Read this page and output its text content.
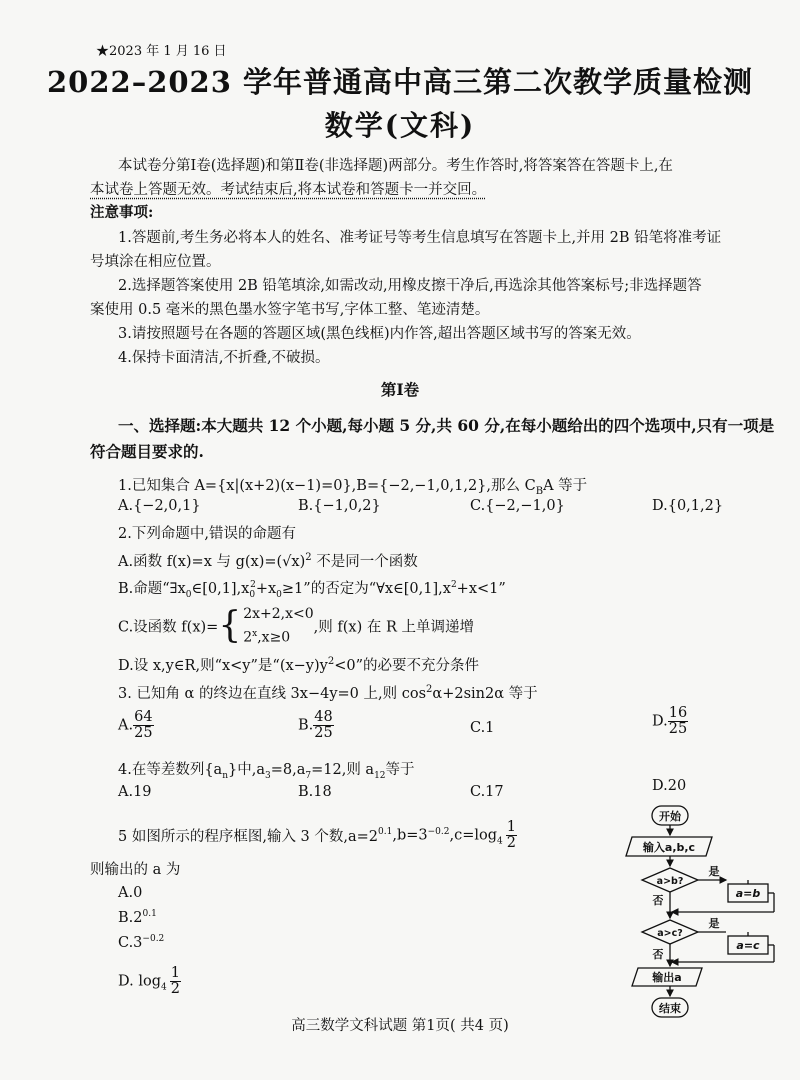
★2023 年 1 月 16 日
2022–2023 学年普通高中高三第二次教学质量检测
数学(文科)
本试卷分第Ⅰ卷(选择题)和第Ⅱ卷(非选择题)两部分。考生作答时,将答案答在答题卡上,在
本试卷上答题无效。考试结束后,将本试卷和答题卡一并交回。
注意事项:
1.答题前,考生务必将本人的姓名、准考证号等考生信息填写在答题卡上,并用 2B 铅笔将准考证
号填涂在相应位置。
2.选择题答案使用 2B 铅笔填涂,如需改动,用橡皮擦干净后,再选涂其他答案标号;非选择题答
案使用 0.5 毫米的黑色墨水签字笔书写,字体工整、笔迹清楚。
3.请按照题号在各题的答题区域(黑色线框)内作答,超出答题区域书写的答案无效。
4.保持卡面清洁,不折叠,不破损。
第Ⅰ卷
一、选择题:本大题共 12 个小题,每小题 5 分,共 60 分,在每小题给出的四个选项中,只有一项是
符合题目要求的.
1.已知集合 A={x|(x+2)(x−1)=0},B={−2,−1,0,1,2},那么 $C_BA$ 等于
A.{−2,0,1}	B.{−1,0,2}	C.{−2,−1,0}	D.{0,1,2}
2.下列命题中,错误的命题有
A.函数 f(x)=x 与 $g(x)=(√x)^2$ 不是同一个函数
B.命题“$\exists x_0\in[0,1],x_0^2+x_0\ge 1$”的否定为“$\forall x\in[0,1],x^2+x<1$”
C.设函数 f(x)={ 2x+2,x<0
$2^x,x\ge 0$
,则 f(x) 在 R 上单调递增
D.设 x,y∈R,则“x<y”是“$(x-y)y^2<0$”的必要不充分条件
3. 已知角 α 的终边在直线 3x−4y=0 上,则 $\cos^2\alpha+2\sin 2\alpha$ 等于
A. $\frac{64}{25}$	B. $\frac{48}{25}$	C.1	D. $\frac{16}{25}$
4.在等差数列$\{a_n\}$中$,a_3=8,a_7=12$,则 $a_{12}$等于
A.19	B.18	C.17	D.20
5 如图所示的程序框图,输入 3 个数$,a=2^{0.1},b=3^{-0.2},c=\log_4 \frac{1}{2}$
则输出的 a 为
A.0
$B.2^{0.1}$
$C.3^{-0.2}$
D. $\log_4 \frac{1}{2}$
开始
输入a,b,c
a>b?
是
否
a=b
a>c?
是
否
a=c
输出a
结束
高三数学文科试题 第1页( 共4 页)
